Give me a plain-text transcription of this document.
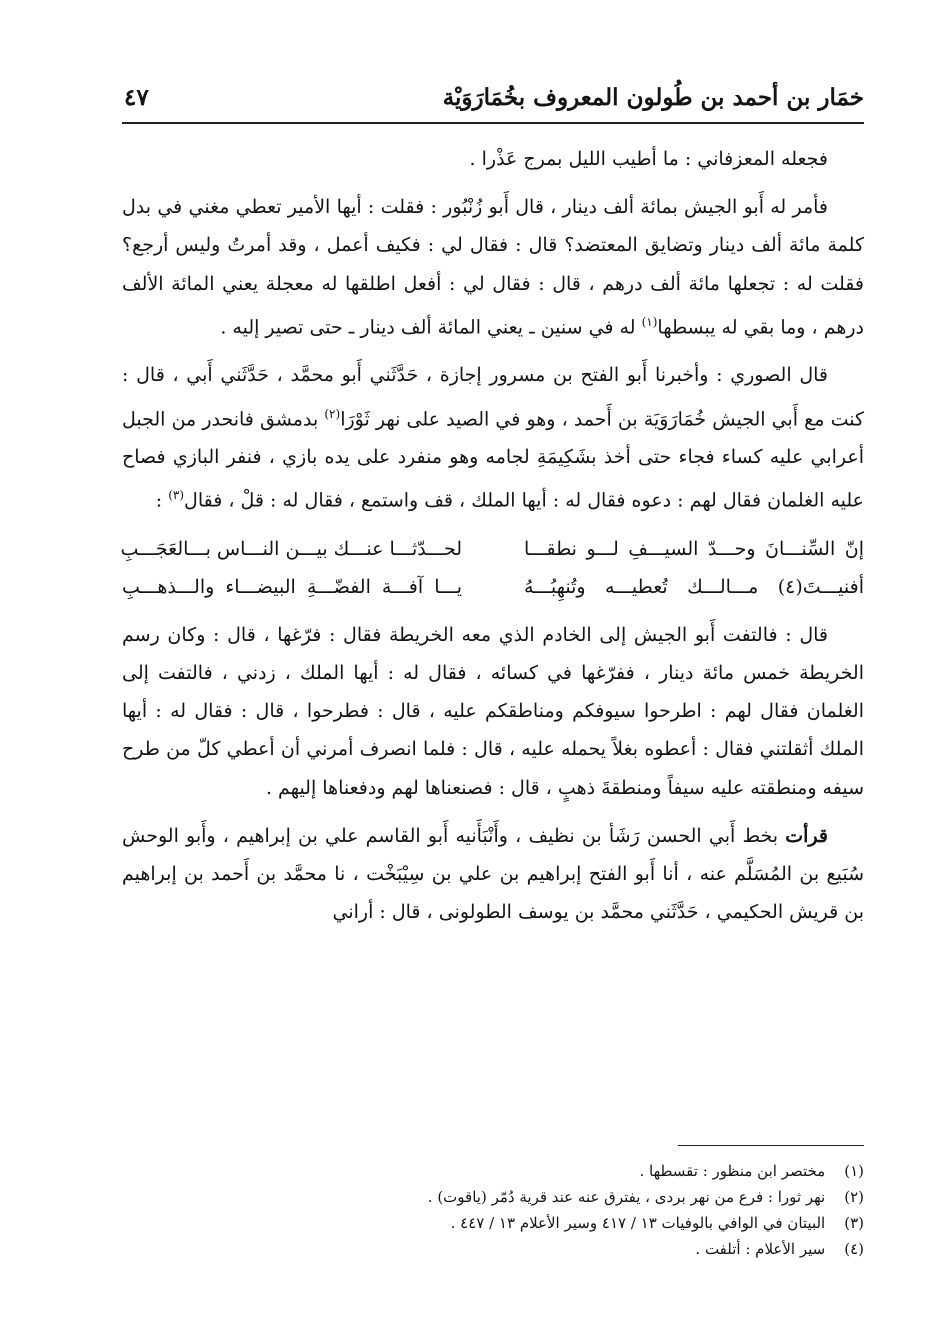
خمَار بن أحمد بن طُولون المعروف بخُمَارَوَيْة
٤٧

فجعله المعزفاني : ما أطيب الليل بمرج عَذْرا .

فأمر له أَبو الجيش بمائة ألف دينار ، قال أَبو زُنْبُور : فقلت : أيها الأمير تعطي مغني في بدل كلمة مائة ألف دينار وتضايق المعتضد؟ قال : فقال لي : فكيف أعمل ، وقد أمرتُ وليس أرجع؟ فقلت له : تجعلها مائة ألف درهم ، قال : فقال لي : أفعل اطلقها له معجلة يعني المائة الألف درهم ، وما بقي له يبسطها$^{(١)}$ له في سنين ـ يعني المائة ألف دينار ـ حتى تصير إليه .

قال الصوري : وأخبرنا أَبو الفتح بن مسرور إجازة ، حَدَّثَني أَبو محمَّد ، حَدَّثَني أَبي ، قال : كنت مع أَبي الجيش خُمَارَوَيَة بن أَحمد ، وهو في الصيد على نهر ثَوْرَا$^{(٢)}$ بدمشق فانحدر من الجبل أعرابي عليه كساء فجاء حتى أخذ بشَكِيمَةِ لجامه وهو منفرد على يده بازي ، فنفر البازي فصاح عليه الغلمان فقال لهم : دعوه فقال له : أيها الملك ، قف واستمع ، فقال له : قلْ ، فقال$^{(٣)}$ :

إنّ السِّنـــانَ وحـــدّ السيـــفِ لـــو نطقـــا
لحـــدّثـــا عنـــك بيـــن النـــاس بـــالعَجَـــبِ
أفنيـــتَ(٤) مـــالـــك تُعطيـــه وتُنهِبُـــهُ
يـــا آفـــة الفضّـــةِ البيضـــاء والـــذهـــبِ

قال : فالتفت أَبو الجيش إلى الخادم الذي معه الخريطة فقال : فرّغها ، قال : وكان رسم الخريطة خمس مائة دينار ، ففرّغها في كسائه ، فقال له : أيها الملك ، زدني ، فالتفت إلى الغلمان فقال لهم : اطرحوا سيوفكم ومناطقكم عليه ، قال : فطرحوا ، قال : فقال له : أيها الملك أثقلتني فقال : أعطوه بغلاً يحمله عليه ، قال : فلما انصرف أمرني أن أعطي كلّ من طرح سيفه ومنطقته عليه سيفاً ومنطقةَ ذهبٍ ، قال : فصنعناها لهم ودفعناها إليهم .

قرأت بخط أَبي الحسن رَشَأ بن نظيف ، وأَنْبَأَنيه أَبو القاسم علي بن إبراهيم ، وأَبو الوحش سُبَيع بن المُسَلَّم عنه ، أنا أَبو الفتح إبراهيم بن علي بن سِيْبَخْت ، نا محمَّد بن أَحمد بن إبراهيم بن قريش الحكيمي ، حَدَّثَني محمَّد بن يوسف الطولونى ، قال : أراني

(١) مختصر ابن منظور : تقسطها .
(٢) نهر ثورا : فرع من نهر بردى ، يفترق عنه عند قرية دُمّر (ياقوت) .
(٣) البيتان في الوافي بالوفيات ١٣ / ٤١٧ وسير الأعلام ١٣ / ٤٤٧ .
(٤) سير الأعلام : أتلفت .
